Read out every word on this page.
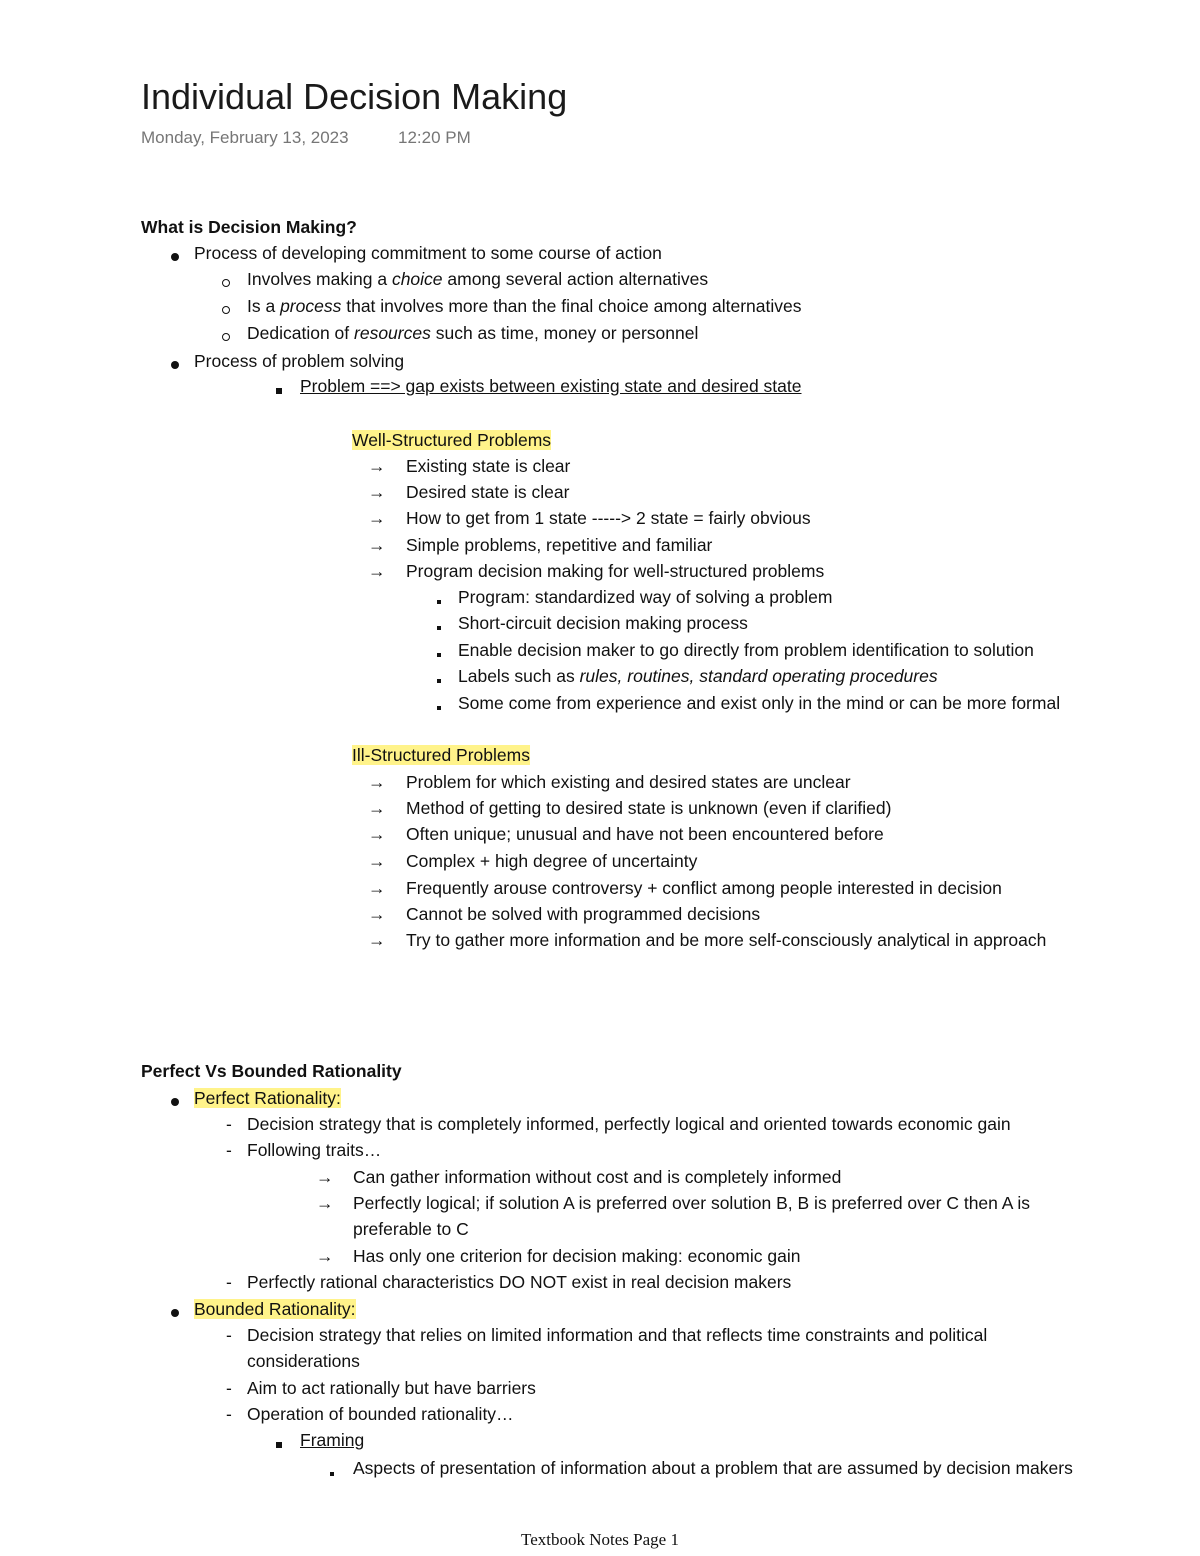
Individual Decision Making
Monday, February 13, 2023	12:20 PM
What is Decision Making?
Process of developing commitment to some course of action
Involves making a choice among several action alternatives
Is a process that involves more than the final choice among alternatives
Dedication of resources such as time, money or personnel
Process of problem solving
Problem ==> gap exists between existing state and desired state
Well-Structured Problems
→ Existing state is clear
→ Desired state is clear
→ How to get from 1 state -----> 2 state = fairly obvious
→ Simple problems, repetitive and familiar
→ Program decision making for well-structured problems
Program: standardized way of solving a problem
Short-circuit decision making process
Enable decision maker to go directly from problem identification to solution
Labels such as rules, routines, standard operating procedures
Some come from experience and exist only in the mind or can be more formal
Ill-Structured Problems
→ Problem for which existing and desired states are unclear
→ Method of getting to desired state is unknown (even if clarified)
→ Often unique; unusual and have not been encountered before
→ Complex + high degree of uncertainty
→ Frequently arouse controversy + conflict among people interested in decision
→ Cannot be solved with programmed decisions
→ Try to gather more information and be more self-consciously analytical in approach
Perfect Vs Bounded Rationality
Perfect Rationality:
- Decision strategy that is completely informed, perfectly logical and oriented towards economic gain
- Following traits…
→ Can gather information without cost and is completely informed
→ Perfectly logical; if solution A is preferred over solution B, B is preferred over C then A is
preferable to C
→ Has only one criterion for decision making: economic gain
- Perfectly rational characteristics DO NOT exist in real decision makers
Bounded Rationality:
- Decision strategy that relies on limited information and that reflects time constraints and political
considerations
- Aim to act rationally but have barriers
- Operation of bounded rationality…
Framing
Aspects of presentation of information about a problem that are assumed by decision makers
Textbook Notes Page 1
